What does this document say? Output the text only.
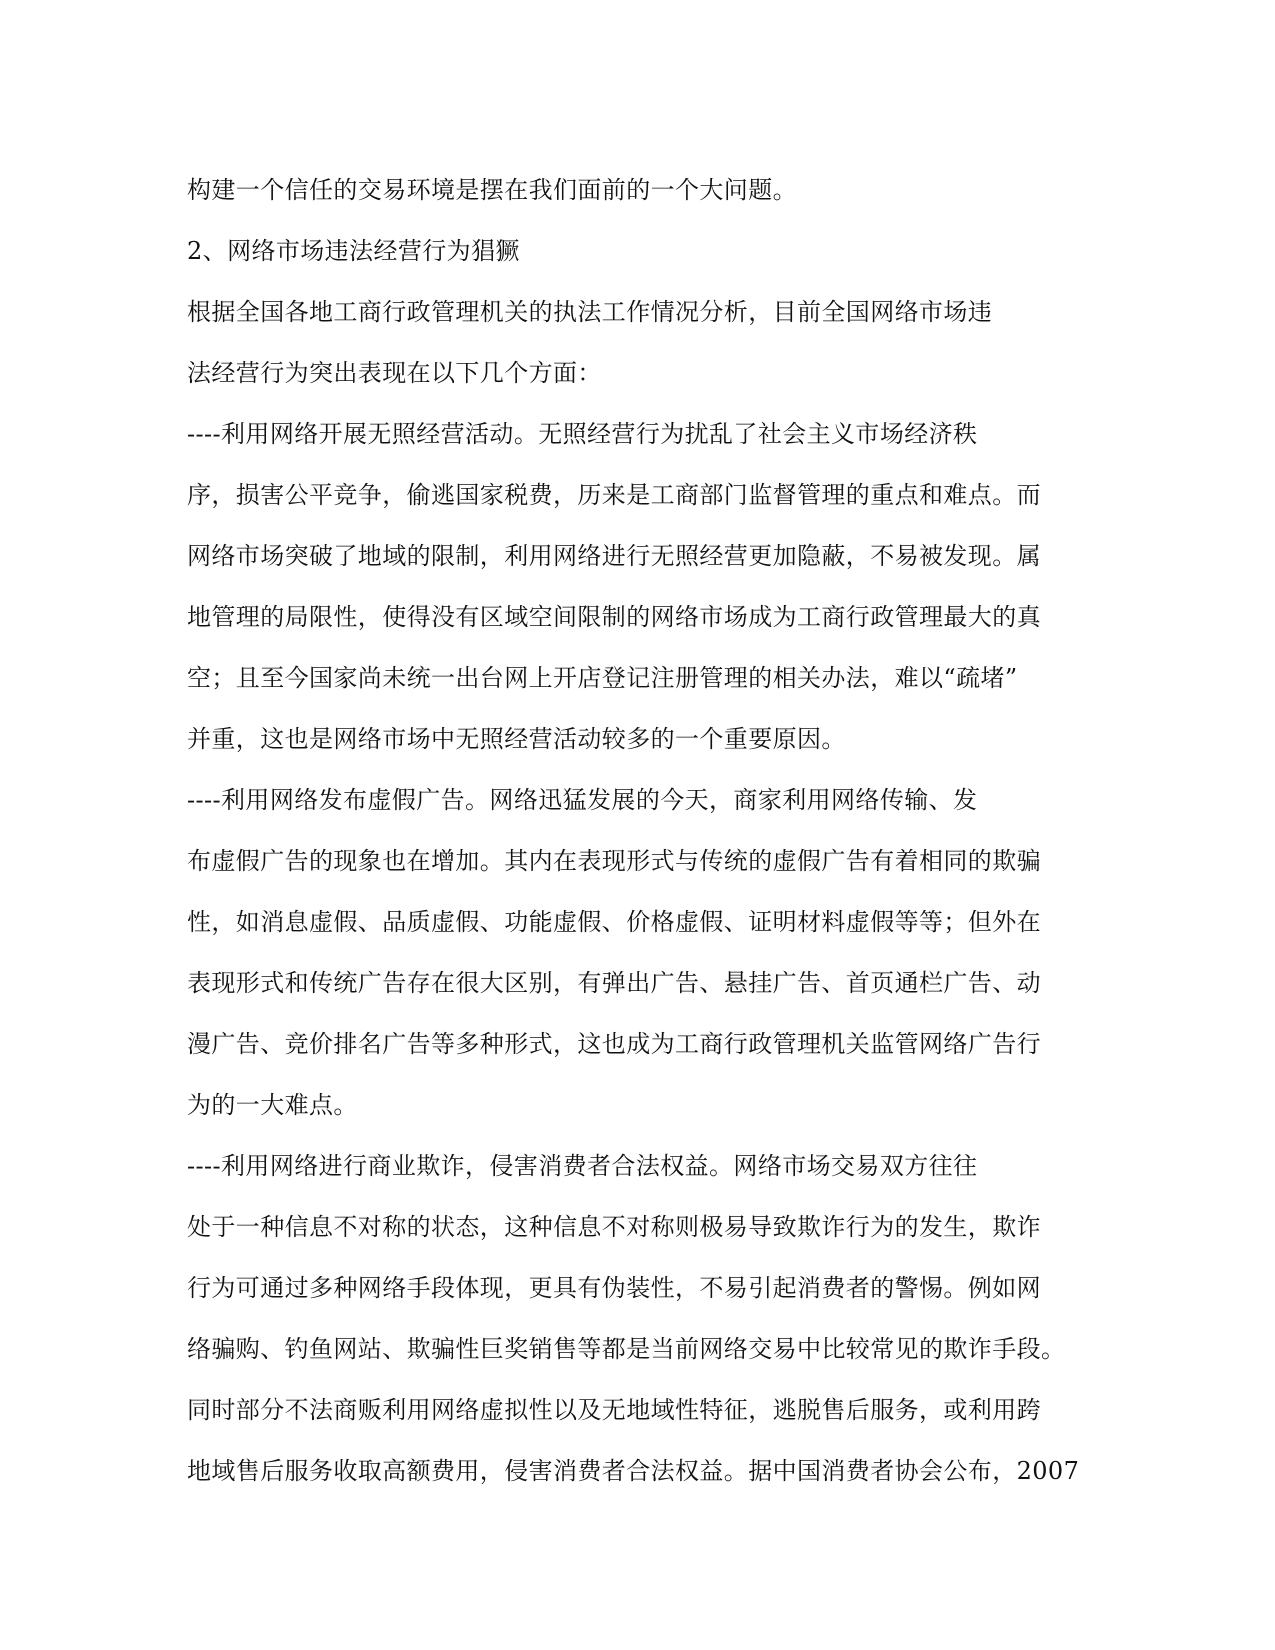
构建一个信任的交易环境是摆在我们面前的一个大问题。
2、网络市场违法经营行为猖獗
根据全国各地工商行政管理机关的执法工作情况分析，目前全国网络市场违
法经营行为突出表现在以下几个方面：
----利用网络开展无照经营活动。无照经营行为扰乱了社会主义市场经济秩
序，损害公平竞争，偷逃国家税费，历来是工商部门监督管理的重点和难点。而
网络市场突破了地域的限制，利用网络进行无照经营更加隐蔽，不易被发现。属
地管理的局限性，使得没有区域空间限制的网络市场成为工商行政管理最大的真
空；且至今国家尚未统一出台网上开店登记注册管理的相关办法，难以“疏堵”
并重，这也是网络市场中无照经营活动较多的一个重要原因。
----利用网络发布虚假广告。网络迅猛发展的今天，商家利用网络传输、发
布虚假广告的现象也在增加。其内在表现形式与传统的虚假广告有着相同的欺骗
性，如消息虚假、品质虚假、功能虚假、价格虚假、证明材料虚假等等；但外在
表现形式和传统广告存在很大区别，有弹出广告、悬挂广告、首页通栏广告、动
漫广告、竞价排名广告等多种形式，这也成为工商行政管理机关监管网络广告行
为的一大难点。
----利用网络进行商业欺诈，侵害消费者合法权益。网络市场交易双方往往
处于一种信息不对称的状态，这种信息不对称则极易导致欺诈行为的发生，欺诈
行为可通过多种网络手段体现，更具有伪装性，不易引起消费者的警惕。例如网
络骗购、钓鱼网站、欺骗性巨奖销售等都是当前网络交易中比较常见的欺诈手段。
同时部分不法商贩利用网络虚拟性以及无地域性特征，逃脱售后服务，或利用跨
地域售后服务收取高额费用，侵害消费者合法权益。据中国消费者协会公布，2007
